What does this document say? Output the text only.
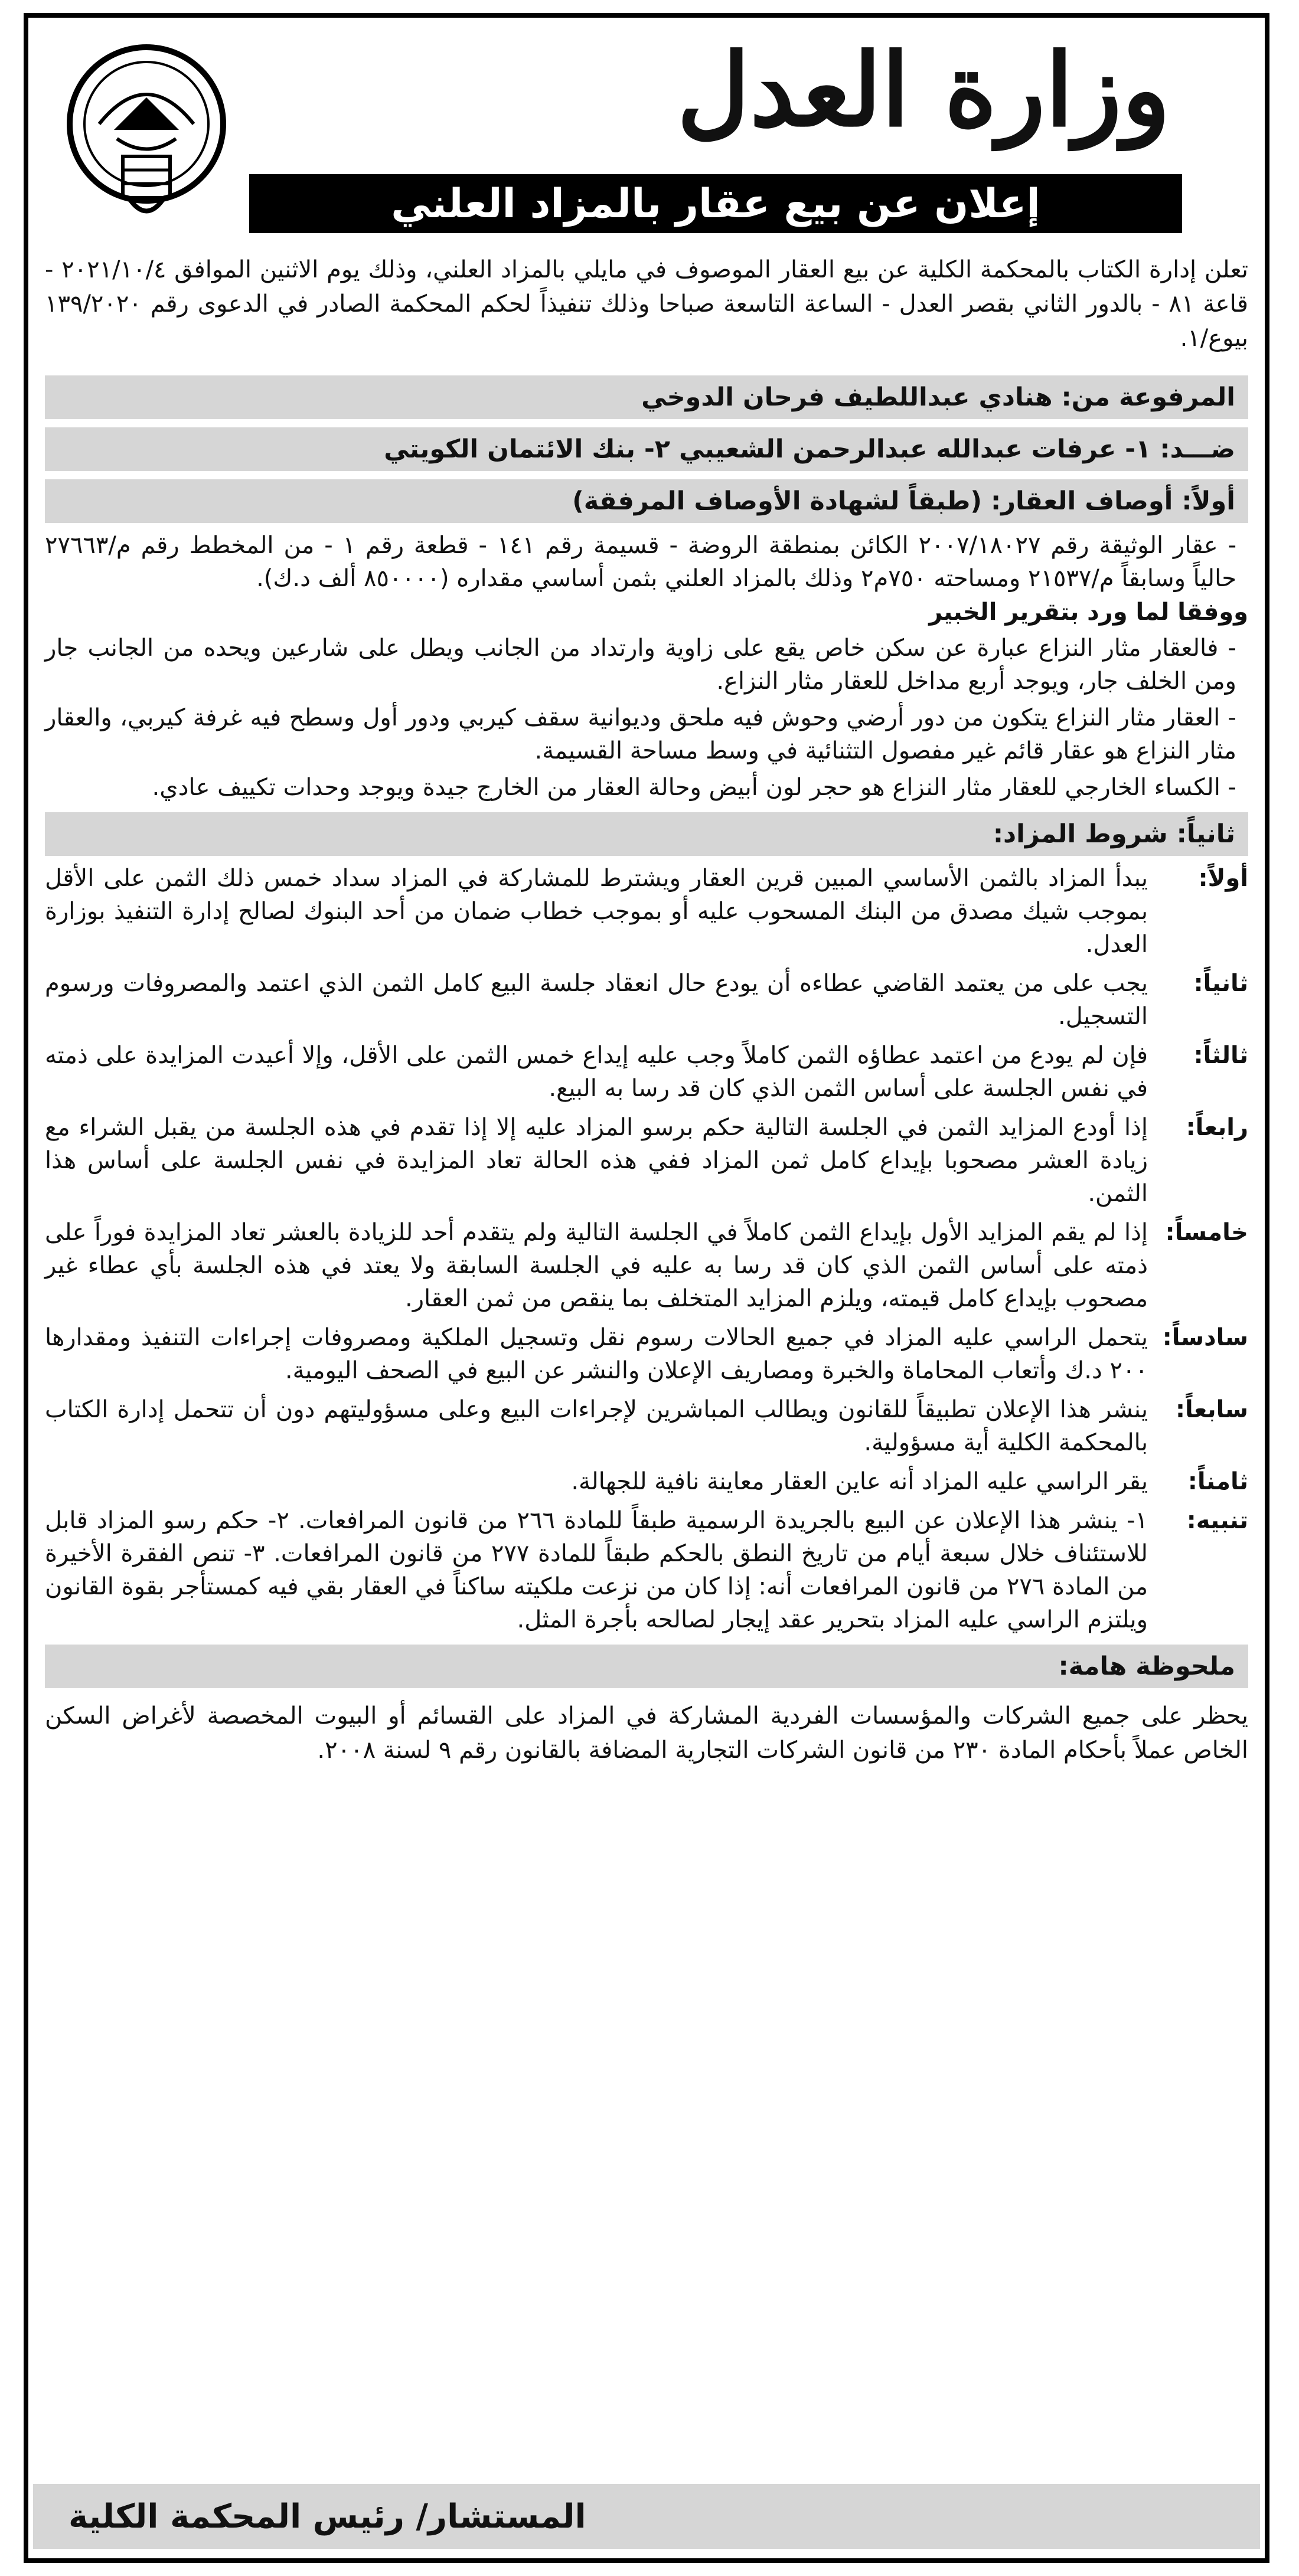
وزارة العدل
إعلان عن بيع عقار بالمزاد العلني

تعلن إدارة الكتاب بالمحكمة الكلية عن بيع العقار الموصوف في مايلي بالمزاد العلني، وذلك يوم الاثنين الموافق ٢٠٢١/١٠/٤ - قاعة ٨١ - بالدور الثاني بقصر العدل - الساعة التاسعة صباحا وذلك تنفيذاً لحكم المحكمة الصادر في الدعوى رقم ١٣٩/٢٠٢٠ بيوع/١.

المرفوعة من: هنادي عبداللطيف فرحان الدوخي
ضـــد: ١- عرفات عبدالله عبدالرحمن الشعيبي ٢- بنك الائتمان الكويتي
أولاً: أوصاف العقار: (طبقاً لشهادة الأوصاف المرفقة)
- عقار الوثيقة رقم ٢٠٠٧/١٨٠٢٧ الكائن بمنطقة الروضة - قسيمة رقم ١٤١ - قطعة رقم ١ - من المخطط رقم م/٢٧٦٦٣ حالياً وسابقاً م/٢١٥٣٧ ومساحته ٧٥٠م٢ وذلك بالمزاد العلني بثمن أساسي مقداره (٨٥٠٠٠٠ ألف د.ك).
ووفقا لما ورد بتقرير الخبير
- فالعقار مثار النزاع عبارة عن سكن خاص يقع على زاوية وارتداد من الجانب ويطل على شارعين ويحده من الجانب جار ومن الخلف جار، ويوجد أربع مداخل للعقار مثار النزاع.
- العقار مثار النزاع يتكون من دور أرضي وحوش فيه ملحق وديوانية سقف كيربي ودور أول وسطح فيه غرفة كيربي، والعقار مثار النزاع هو عقار قائم غير مفصول التثنائية في وسط مساحة القسيمة.
- الكساء الخارجي للعقار مثار النزاع هو حجر لون أبيض وحالة العقار من الخارج جيدة ويوجد وحدات تكييف عادي.
ثانياً: شروط المزاد:
أولاً:
يبدأ المزاد بالثمن الأساسي المبين قرين العقار ويشترط للمشاركة في المزاد سداد خمس ذلك الثمن على الأقل بموجب شيك مصدق من البنك المسحوب عليه أو بموجب خطاب ضمان من أحد البنوك لصالح إدارة التنفيذ بوزارة العدل.
ثانياً:
يجب على من يعتمد القاضي عطاءه أن يودع حال انعقاد جلسة البيع كامل الثمن الذي اعتمد والمصروفات ورسوم التسجيل.
ثالثاً:
فإن لم يودع من اعتمد عطاؤه الثمن كاملاً وجب عليه إيداع خمس الثمن على الأقل، وإلا أعيدت المزايدة على ذمته في نفس الجلسة على أساس الثمن الذي كان قد رسا به البيع.
رابعاً:
إذا أودع المزايد الثمن في الجلسة التالية حكم برسو المزاد عليه إلا إذا تقدم في هذه الجلسة من يقبل الشراء مع زيادة العشر مصحوبا بإيداع كامل ثمن المزاد ففي هذه الحالة تعاد المزايدة في نفس الجلسة على أساس هذا الثمن.
خامساً:
إذا لم يقم المزايد الأول بإيداع الثمن كاملاً في الجلسة التالية ولم يتقدم أحد للزيادة بالعشر تعاد المزايدة فوراً على ذمته على أساس الثمن الذي كان قد رسا به عليه في الجلسة السابقة ولا يعتد في هذه الجلسة بأي عطاء غير مصحوب بإيداع كامل قيمته، ويلزم المزايد المتخلف بما ينقص من ثمن العقار.
سادساً:
يتحمل الراسي عليه المزاد في جميع الحالات رسوم نقل وتسجيل الملكية ومصروفات إجراءات التنفيذ ومقدارها ٢٠٠ د.ك وأتعاب المحاماة والخبرة ومصاريف الإعلان والنشر عن البيع في الصحف اليومية.
سابعاً:
ينشر هذا الإعلان تطبيقاً للقانون ويطالب المباشرين لإجراءات البيع وعلى مسؤوليتهم دون أن تتحمل إدارة الكتاب بالمحكمة الكلية أية مسؤولية.
ثامناً:
يقر الراسي عليه المزاد أنه عاين العقار معاينة نافية للجهالة.
تنبيه:
١- ينشر هذا الإعلان عن البيع بالجريدة الرسمية طبقاً للمادة ٢٦٦ من قانون المرافعات. ٢- حكم رسو المزاد قابل للاستئناف خلال سبعة أيام من تاريخ النطق بالحكم طبقاً للمادة ٢٧٧ من قانون المرافعات. ٣- تنص الفقرة الأخيرة من المادة ٢٧٦ من قانون المرافعات أنه: إذا كان من نزعت ملكيته ساكناً في العقار بقي فيه كمستأجر بقوة القانون ويلتزم الراسي عليه المزاد بتحرير عقد إيجار لصالحه بأجرة المثل.
ملحوظة هامة:

يحظر على جميع الشركات والمؤسسات الفردية المشاركة في المزاد على القسائم أو البيوت المخصصة لأغراض السكن الخاص عملاً بأحكام المادة ٢٣٠ من قانون الشركات التجارية المضافة بالقانون رقم ٩ لسنة ٢٠٠٨.

المستشار/ رئيس المحكمة الكلية
